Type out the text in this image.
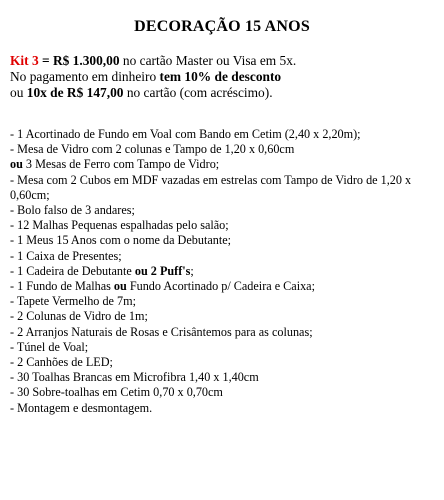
DECORAÇÃO 15 ANOS
Kit 3 = R$ 1.300,00 no cartão Master ou Visa em 5x.
No pagamento em dinheiro tem 10% de desconto
ou 10x de R$ 147,00 no cartão (com acréscimo).
- 1 Acortinado de Fundo em Voal com Bando em Cetim (2,40 x 2,20m);
- Mesa de Vidro com 2 colunas e Tampo de 1,20 x 0,60cm
ou 3 Mesas de Ferro com Tampo de Vidro;
- Mesa com 2 Cubos em MDF vazadas em estrelas com Tampo de Vidro de 1,20 x 0,60cm;
- Bolo falso de 3 andares;
- 12 Malhas Pequenas espalhadas pelo salão;
- 1 Meus 15 Anos com o nome da Debutante;
- 1 Caixa de Presentes;
- 1 Cadeira de Debutante ou 2 Puff's;
- 1 Fundo de Malhas ou Fundo Acortinado p/ Cadeira e Caixa;
- Tapete Vermelho de 7m;
- 2 Colunas de Vidro de 1m;
- 2 Arranjos Naturais de Rosas e Crisântemos para as colunas;
- Túnel de Voal;
- 2 Canhões de LED;
- 30 Toalhas Brancas em Microfibra 1,40 x 1,40cm
- 30 Sobre-toalhas em Cetim 0,70 x 0,70cm
- Montagem e desmontagem.
